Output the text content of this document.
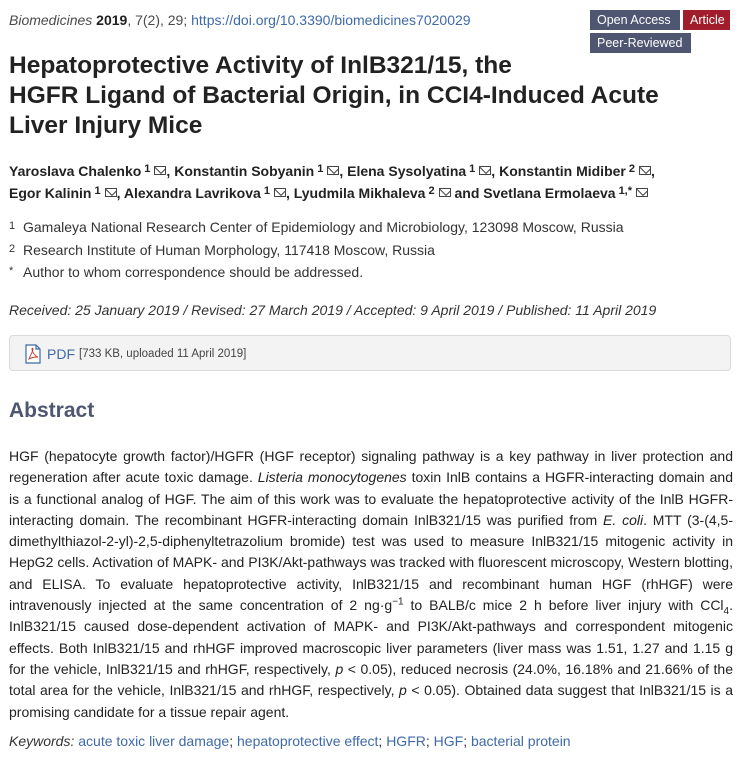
Biomedicines 2019, 7(2), 29; https://doi.org/10.3390/biomedicines7020029	Open Access	Article
Peer-Reviewed
Hepatoprotective Activity of InlB321/15, the
HGFR Ligand of Bacterial Origin, in CCI4-Induced Acute
Liver Injury Mice
Yaroslava Chalenko $^1$ , Konstantin Sobyanin $^1$ , Elena Sysolyatina $^1$ , Konstantin Midiber $^2$ ,
Egor Kalinin $^1$ , Alexandra Lavrikova $^1$ , Lyudmila Mikhaleva $^2$ and Svetlana Ermolaeva $^{1,*}$
1 Gamaleya National Research Center of Epidemiology and Microbiology, 123098 Moscow, Russia
2 Research Institute of Human Morphology, 117418 Moscow, Russia
* Author to whom correspondence should be addressed.
Received: 25 January 2019 / Revised: 27 March 2019 / Accepted: 9 April 2019 / Published: 11 April 2019
PDF [733 KB, uploaded 11 April 2019]
Abstract

HGF (hepatocyte growth factor)/HGFR (HGF receptor) signaling pathway is a key pathway in liver protection and regeneration after acute toxic damage. Listeria monocytogenes toxin InlB contains a HGFR-interacting domain and is a functional analog of HGF. The aim of this work was to evaluate the hepatoprotective activity of the InlB HGFR-interacting domain. The recombinant HGFR-interacting domain InlB321/15 was purified from E. coli. MTT (3-(4,5-dimethylthiazol-2-yl)-2,5-diphenyltetrazolium bromide) test was used to measure InlB321/15 mitogenic activity in HepG2 cells. Activation of MAPK- and PI3K/Akt-pathways was tracked with fluorescent microscopy, Western blotting, and ELISA. To evaluate hepatoprotective activity, InlB321/15 and recombinant human HGF (rhHGF) were intravenously injected at the same concentration of 2 $ng\cdot g^{-1}$ to BALB/c mice 2 h before liver injury with CCl$_4$. InlB321/15 caused dose-dependent activation of MAPK- and PI3K/Akt-pathways and correspondent mitogenic effects. Both InlB321/15 and rhHGF improved macroscopic liver parameters (liver mass was 1.51, 1.27 and 1.15 g for the vehicle, InlB321/15 and rhHGF, respectively, p < 0.05), reduced necrosis (24.0%, 16.18% and 21.66% of the total area for the vehicle, InlB321/15 and rhHGF, respectively, p < 0.05). Obtained data suggest that InlB321/15 is a promising candidate for a tissue repair agent.

Keywords: acute toxic liver damage; hepatoprotective effect; HGFR; HGF; bacterial protein
